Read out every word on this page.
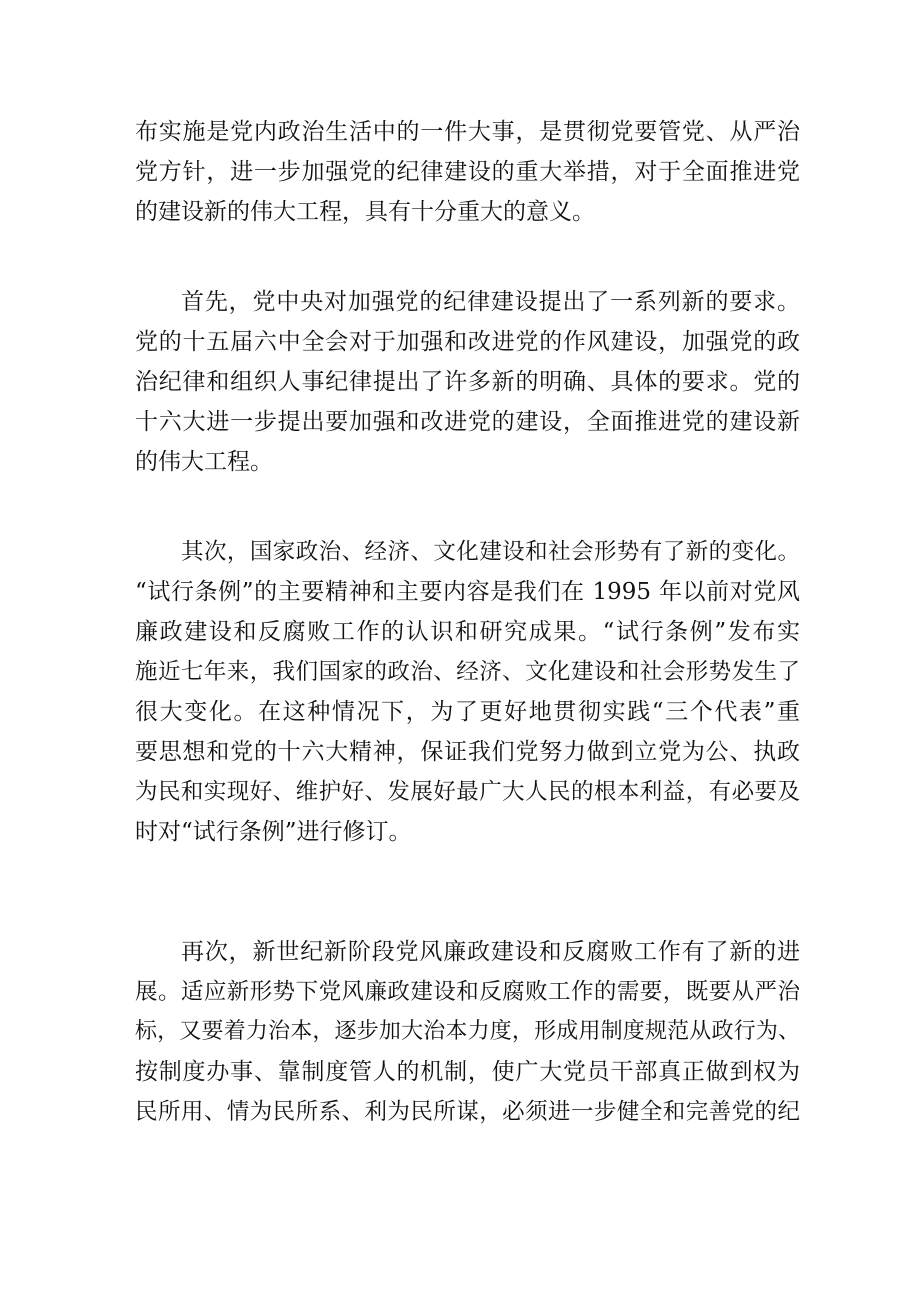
布实施是党内政治生活中的一件大事，是贯彻党要管党、从严治
党方针，进一步加强党的纪律建设的重大举措，对于全面推进党
的建设新的伟大工程，具有十分重大的意义。
首先，党中央对加强党的纪律建设提出了一系列新的要求。
党的十五届六中全会对于加强和改进党的作风建设，加强党的政
治纪律和组织人事纪律提出了许多新的明确、具体的要求。党的
十六大进一步提出要加强和改进党的建设，全面推进党的建设新
的伟大工程。
其次，国家政治、经济、文化建设和社会形势有了新的变化。
“试行条例”的主要精神和主要内容是我们在 1995 年以前对党风
廉政建设和反腐败工作的认识和研究成果。“试行条例”发布实
施近七年来，我们国家的政治、经济、文化建设和社会形势发生了
很大变化。在这种情况下，为了更好地贯彻实践“三个代表”重
要思想和党的十六大精神，保证我们党努力做到立党为公、执政
为民和实现好、维护好、发展好最广大人民的根本利益，有必要及
时对“试行条例”进行修订。
再次，新世纪新阶段党风廉政建设和反腐败工作有了新的进
展。适应新形势下党风廉政建设和反腐败工作的需要，既要从严治
标，又要着力治本，逐步加大治本力度，形成用制度规范从政行为、
按制度办事、靠制度管人的机制，使广大党员干部真正做到权为
民所用、情为民所系、利为民所谋，必须进一步健全和完善党的纪
